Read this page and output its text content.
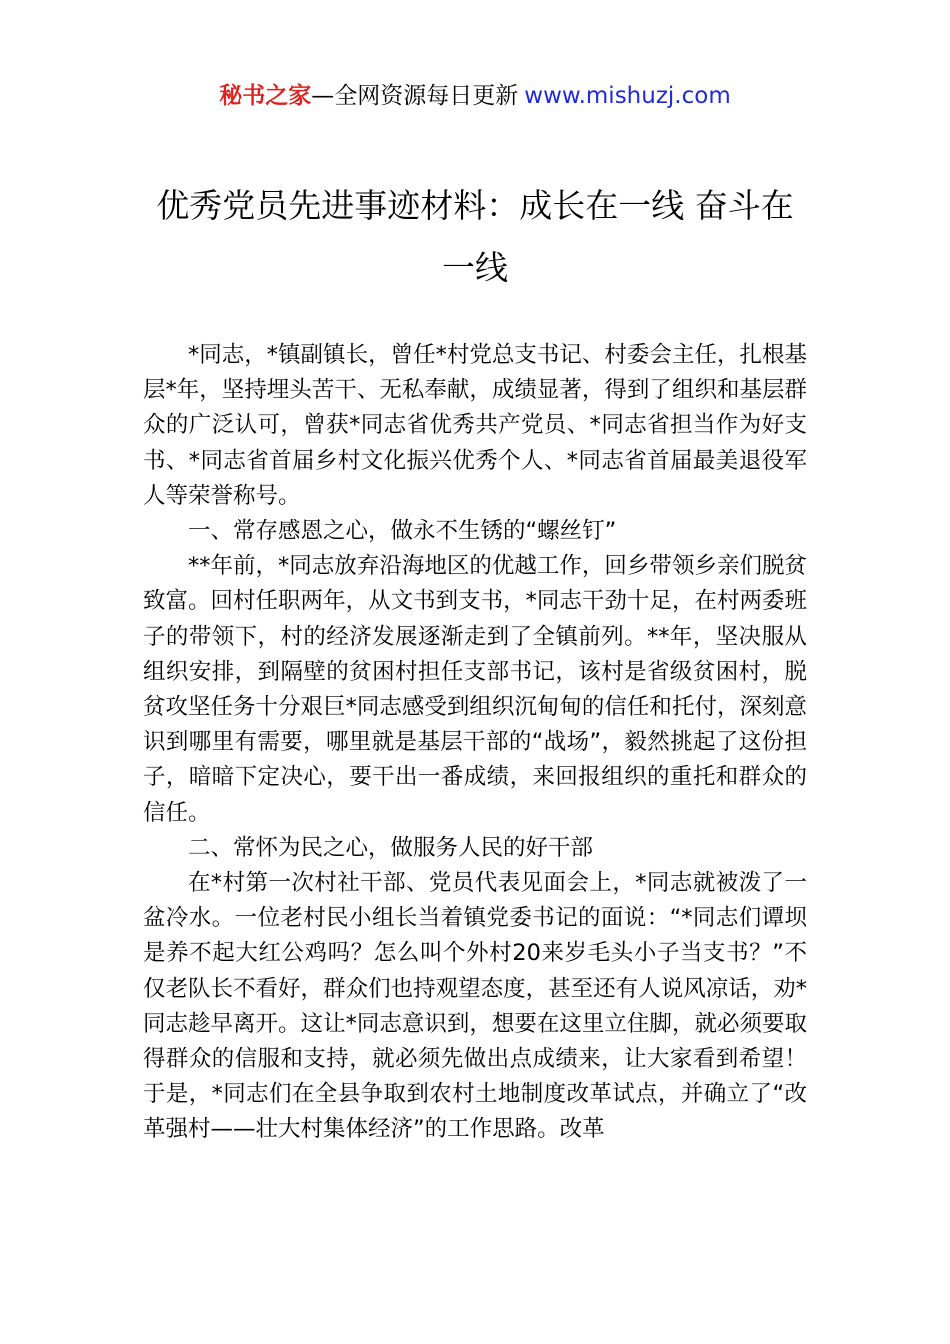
秘书之家—全网资源每日更新 www.mishuzj.com
优秀党员先进事迹材料：成长在一线 奋斗在一线

*同志，*镇副镇长，曾任*村党总支书记、村委会主任，扎根基层*年，坚持埋头苦干、无私奉献，成绩显著，得到了组织和基层群众的广泛认可，曾获*同志省优秀共产党员、*同志省担当作为好支书、*同志省首届乡村文化振兴优秀个人、*同志省首届最美退役军人等荣誉称号。

一、常存感恩之心，做永不生锈的“螺丝钉”

**年前，*同志放弃沿海地区的优越工作，回乡带领乡亲们脱贫致富。回村任职两年，从文书到支书，*同志干劲十足，在村两委班子的带领下，村的经济发展逐渐走到了全镇前列。**年，坚决服从组织安排，到隔壁的贫困村担任支部书记，该村是省级贫困村，脱贫攻坚任务十分艰巨*同志感受到组织沉甸甸的信任和托付，深刻意识到哪里有需要，哪里就是基层干部的“战场”，毅然挑起了这份担子，暗暗下定决心，要干出一番成绩，来回报组织的重托和群众的信任。

二、常怀为民之心，做服务人民的好干部

在*村第一次村社干部、党员代表见面会上，*同志就被泼了一盆冷水。一位老村民小组长当着镇党委书记的面说：“*同志们谭坝是养不起大红公鸡吗？怎么叫个外村20来岁毛头小子当支书？”不仅老队长不看好，群众们也持观望态度，甚至还有人说风凉话，劝*同志趁早离开。这让*同志意识到，想要在这里立住脚，就必须要取得群众的信服和支持，就必须先做出点成绩来，让大家看到希望！于是，*同志们在全县争取到农村土地制度改革试点，并确立了“改革强村——壮大村集体经济”的工作思路。改革
